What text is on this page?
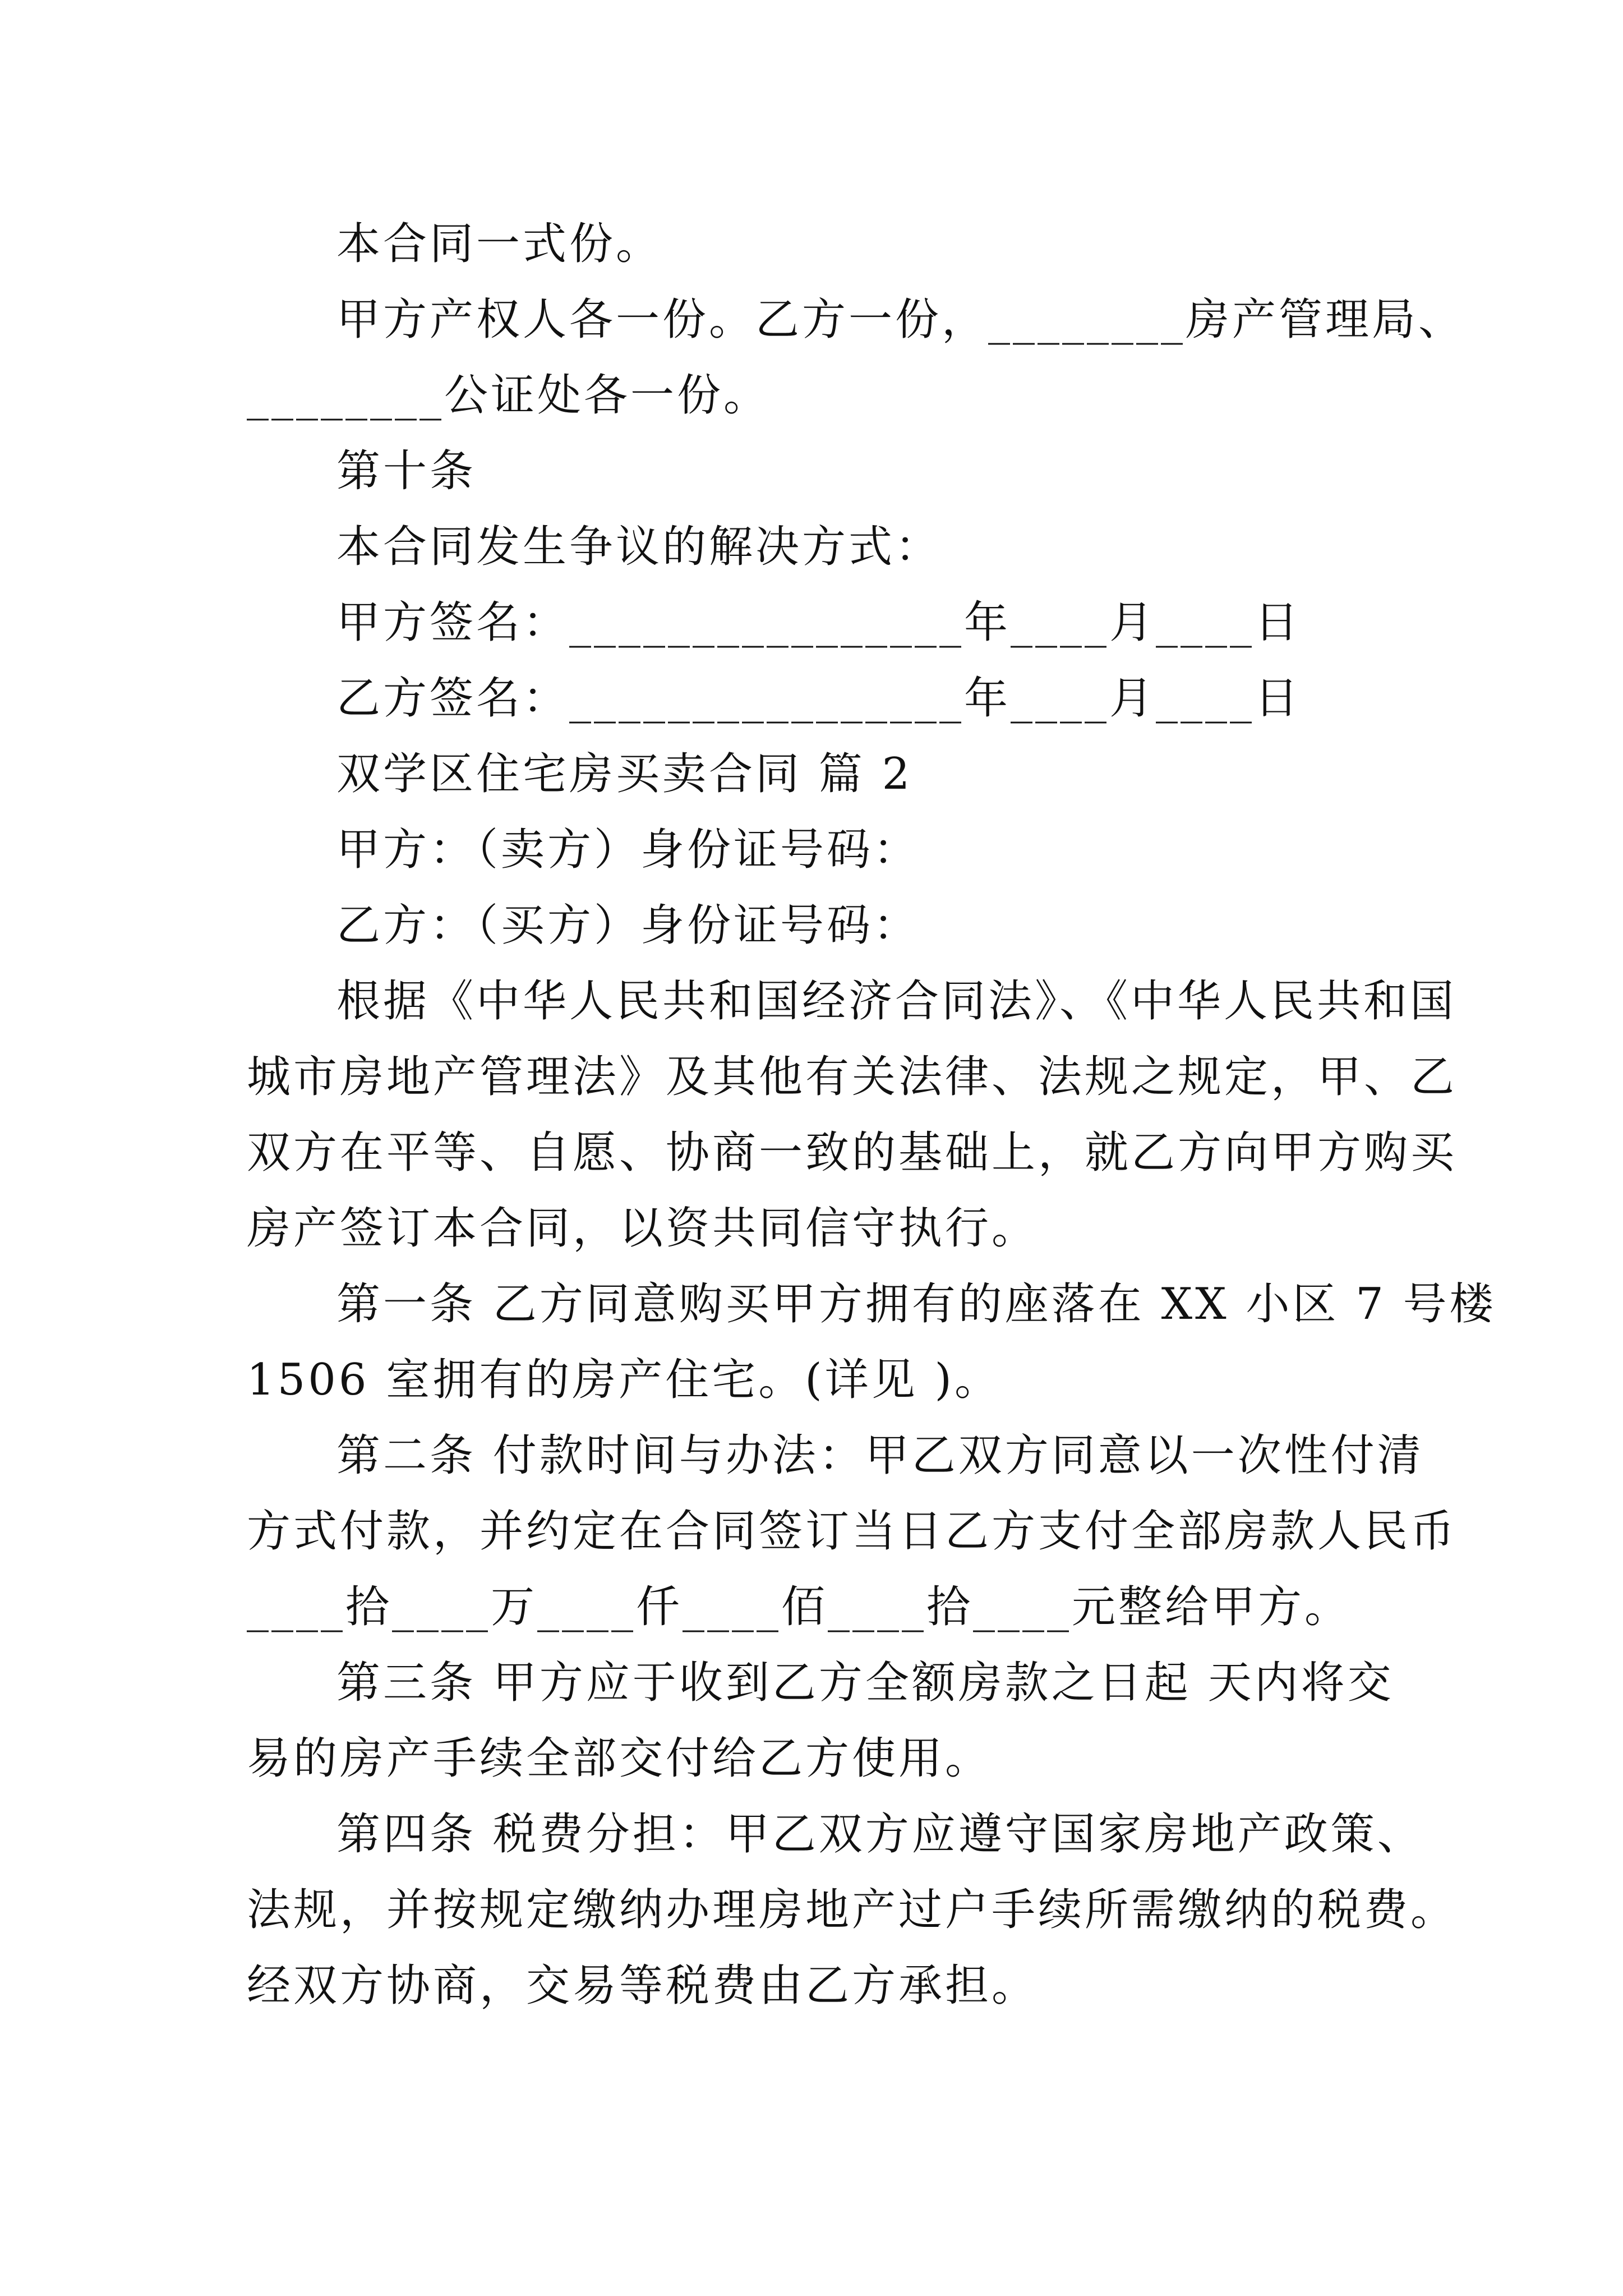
本合同一式份。
甲方产权人各一份。乙方一份，________房产管理局、
________公证处各一份。
第十条
本合同发生争议的解决方式：
甲方签名：________________年____月____日
乙方签名：________________年____月____日
双学区住宅房买卖合同 篇 2
甲方：（卖方）身份证号码：
乙方：（买方）身份证号码：
根据《中华人民共和国经济合同法》、《中华人民共和国
城市房地产管理法》及其他有关法律、法规之规定，甲、乙
双方在平等、自愿、协商一致的基础上，就乙方向甲方购买
房产签订本合同，以资共同信守执行。
第一条 乙方同意购买甲方拥有的座落在 XX 小区 7 号楼
1506 室拥有的房产住宅。(详见 )。
第二条 付款时间与办法：甲乙双方同意以一次性付清
方式付款，并约定在合同签订当日乙方支付全部房款人民币
____拾____万____仟____佰____拾____元整给甲方。
第三条 甲方应于收到乙方全额房款之日起 天内将交
易的房产手续全部交付给乙方使用。
第四条 税费分担：甲乙双方应遵守国家房地产政策、
法规，并按规定缴纳办理房地产过户手续所需缴纳的税费。
经双方协商，交易等税费由乙方承担。
